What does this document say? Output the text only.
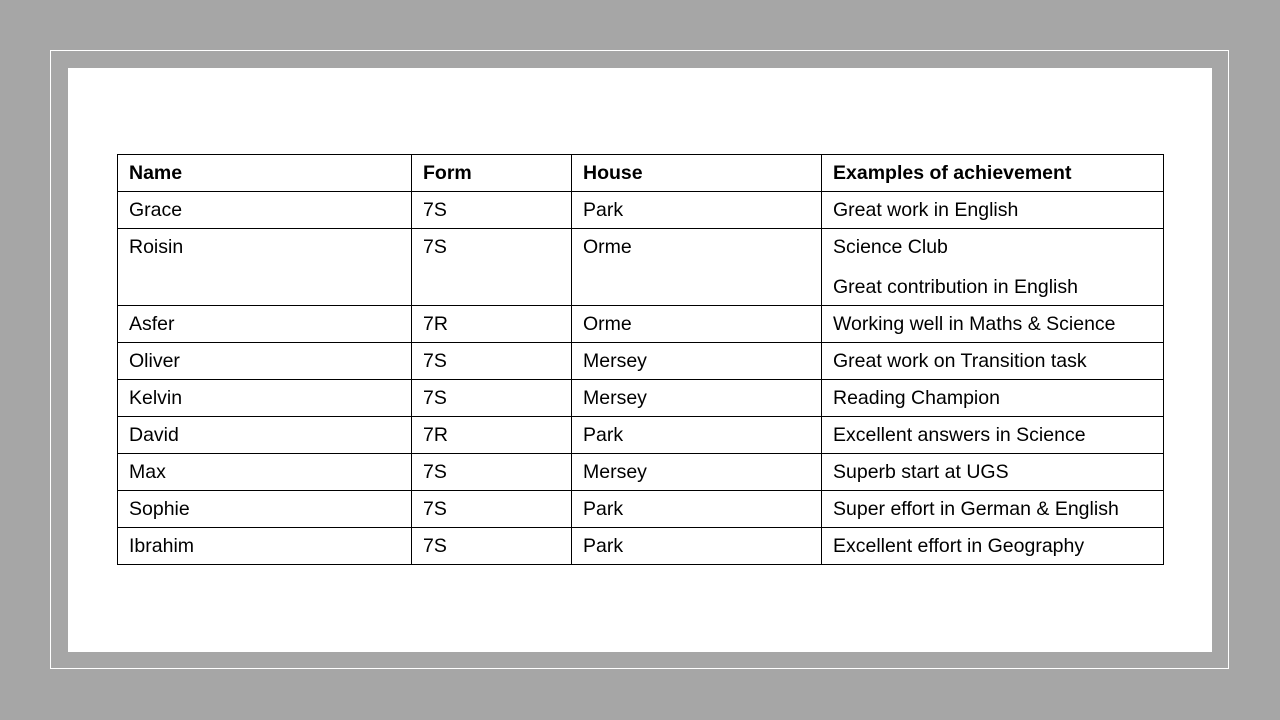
Name	Form	House	Examples of achievement
Grace	7S	Park	Great work in English

Roisin	7S	Orme	Science Club
Great contribution in English

Asfer	7R	Orme	Working well in Maths & Science

Oliver	7S	Mersey	Great work on Transition task

Kelvin	7S	Mersey	Reading Champion

David	7R	Park	Excellent answers in Science

Max	7S	Mersey	Superb start at UGS

Sophie	7S	Park	Super effort in German & English

Ibrahim	7S	Park	Excellent effort in Geography
